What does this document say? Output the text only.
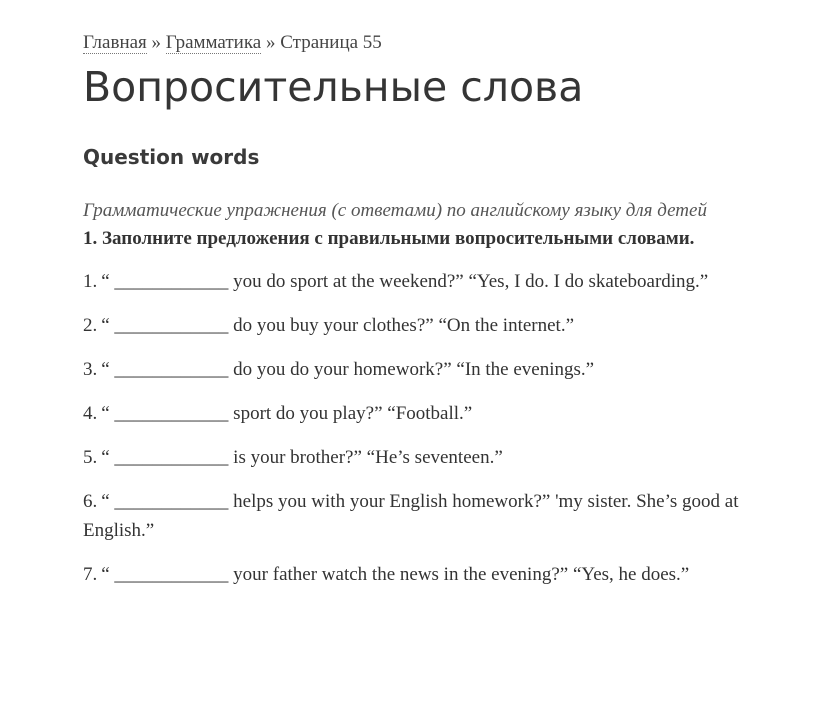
Главная » Грамматика » Страница 55
Вопросительные слова
Question words

Грамматические упражнения (с ответами) по английскому языку для детей

1. Заполните предложения с правильными вопросительными словами.

1. “ ____________ you do sport at the weekend?” “Yes, I do. I do skateboarding.”

2. “ ____________ do you buy your clothes?” “On the internet.”

3. “ ____________ do you do your homework?” “In the evenings.”

4. “ ____________ sport do you play?” “Football.”

5. “ ____________ is your brother?” “He’s seventeen.”

6. “ ____________ helps you with your English homework?” 'my sister. She’s good at English.”

7. “ ____________ your father watch the news in the evening?” “Yes, he does.”
